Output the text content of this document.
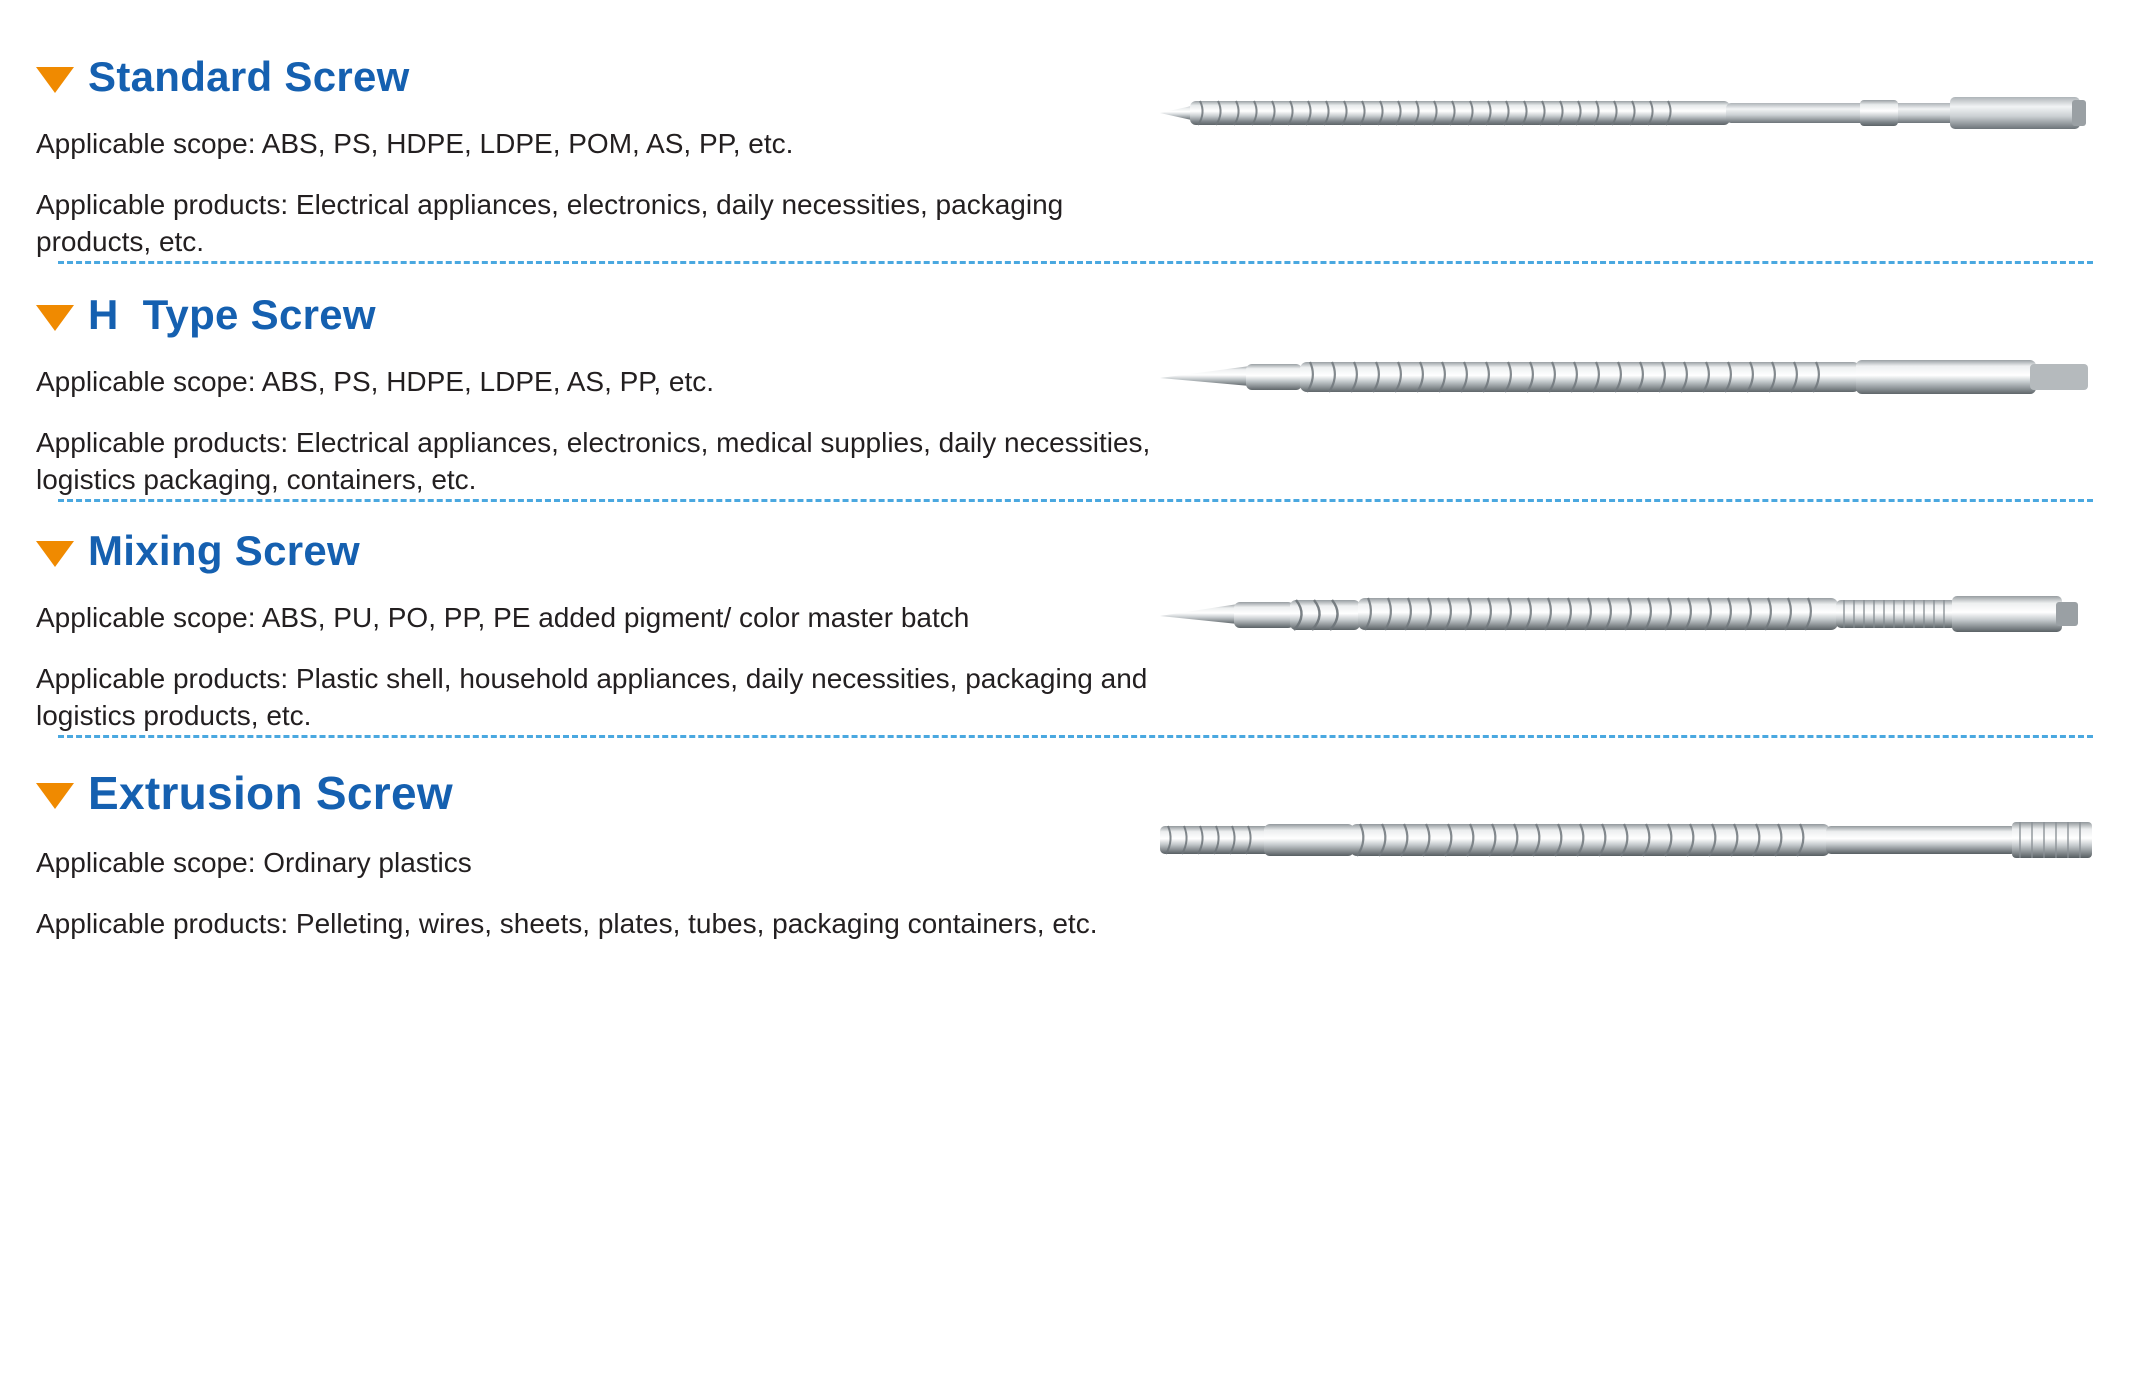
Standard Screw

Applicable scope: ABS, PS, HDPE, LDPE, POM, AS, PP, etc.

Applicable products: Electrical appliances, electronics, daily necessities, packaging products, etc.

H  Type Screw

Applicable scope: ABS, PS, HDPE, LDPE, AS, PP, etc.

Applicable products: Electrical appliances, electronics, medical supplies, daily necessities, logistics packaging, containers, etc.

Mixing Screw

Applicable scope: ABS, PU, PO, PP, PE added pigment/ color master batch

Applicable products: Plastic shell, household appliances, daily necessities, packaging and logistics products, etc.

Extrusion Screw

Applicable scope: Ordinary plastics

Applicable products: Pelleting, wires, sheets, plates, tubes, packaging containers, etc.
